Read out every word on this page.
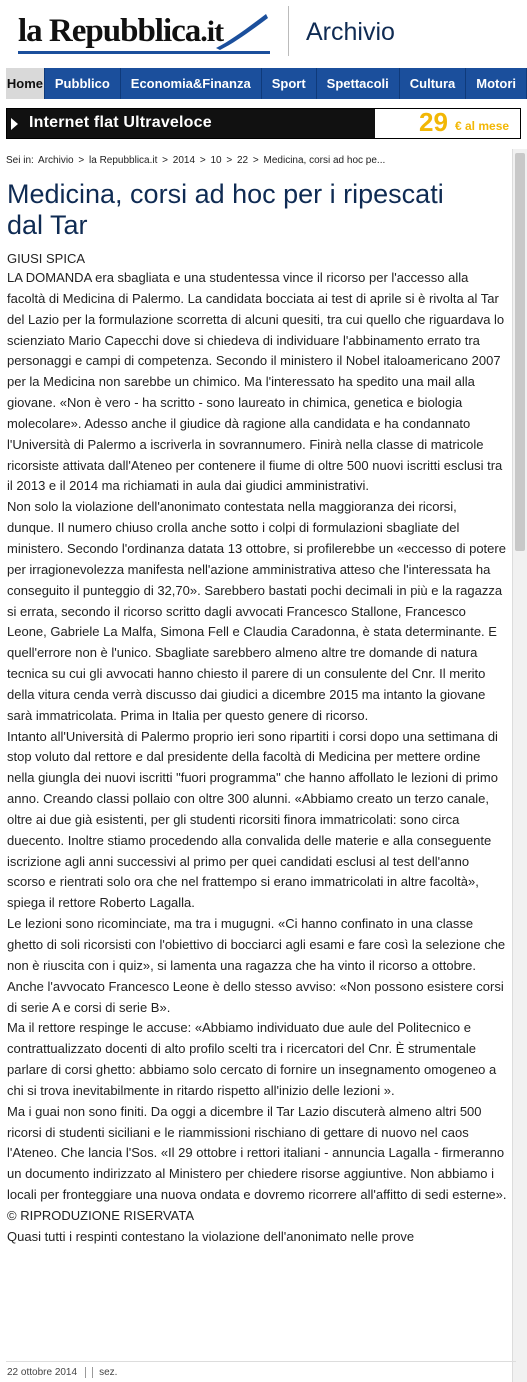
la Repubblica.it	Archivio
Home Pubblico	Economia&Finanza	Sport	Spettacoli	Cultura	Motori
Internet flat Ultraveloce	29 € al mese
Sei in: Archivio > la Repubblica.it > 2014 > 10 > 22 > Medicina, corsi ad hoc pe...
Medicina, corsi ad hoc per i ripescati dal Tar
GIUSI SPICA

LA DOMANDA era sbagliata e una studentessa vince il ricorso per l'accesso alla facoltà di Medicina di Palermo. La candidata bocciata ai test di aprile si è rivolta al Tar del Lazio per la formulazione scorretta di alcuni quesiti, tra cui quello che riguardava lo scienziato Mario Capecchi dove si chiedeva di individuare l'abbinamento errato tra personaggi e campi di competenza. Secondo il ministero il Nobel italoamericano 2007 per la Medicina non sarebbe un chimico. Ma l'interessato ha spedito una mail alla giovane. «Non è vero - ha scritto - sono laureato in chimica, genetica e biologia molecolare». Adesso anche il giudice dà ragione alla candidata e ha condannato l'Università di Palermo a iscriverla in sovrannumero. Finirà nella classe di matricole ricorsiste attivata dall'Ateneo per contenere il fiume di oltre 500 nuovi iscritti esclusi tra il 2013 e il 2014 ma richiamati in aula dai giudici amministrativi.

Non solo la violazione dell'anonimato contestata nella maggioranza dei ricorsi, dunque. Il numero chiuso crolla anche sotto i colpi di formulazioni sbagliate del ministero. Secondo l'ordinanza datata 13 ottobre, si profilerebbe un «eccesso di potere per irragionevolezza manifesta nell'azione amministrativa atteso che l'interessata ha conseguito il punteggio di 32,70». Sarebbero bastati pochi decimali in più e la ragazza si errata, secondo il ricorso scritto dagli avvocati Francesco Stallone, Francesco Leone, Gabriele La Malfa, Simona Fell e Claudia Caradonna, è stata determinante. E quell'errore non è l'unico. Sbagliate sarebbero almeno altre tre domande di natura tecnica su cui gli avvocati hanno chiesto il parere di un consulente del Cnr. Il merito della vitura cenda verrà discusso dai giudici a dicembre 2015 ma intanto la giovane sarà immatricolata. Prima in Italia per questo genere di ricorso.

Intanto all'Università di Palermo proprio ieri sono ripartiti i corsi dopo una settimana di stop voluto dal rettore e dal presidente della facoltà di Medicina per mettere ordine nella giungla dei nuovi iscritti "fuori programma" che hanno affollato le lezioni di primo anno. Creando classi pollaio con oltre 300 alunni. «Abbiamo creato un terzo canale, oltre ai due già esistenti, per gli studenti ricorsiti finora immatricolati: sono circa duecento. Inoltre stiamo procedendo alla convalida delle materie e alla conseguente iscrizione agli anni successivi al primo per quei candidati esclusi al test dell'anno scorso e rientrati solo ora che nel frattempo si erano immatricolati in altre facoltà», spiega il rettore Roberto Lagalla.

Le lezioni sono ricominciate, ma tra i mugugni. «Ci hanno confinato in una classe ghetto di soli ricorsisti con l'obiettivo di bocciarci agli esami e fare così la selezione che non è riuscita con i quiz», si lamenta una ragazza che ha vinto il ricorso a ottobre. Anche l'avvocato Francesco Leone è dello stesso avviso: «Non possono esistere corsi di serie A e corsi di serie B».

Ma il rettore respinge le accuse: «Abbiamo individuato due aule del Politecnico e contrattualizzato docenti di alto profilo scelti tra i ricercatori del Cnr. È strumentale parlare di corsi ghetto: abbiamo solo cercato di fornire un insegnamento omogeneo a chi si trova inevitabilmente in ritardo rispetto all'inizio delle lezioni ».

Ma i guai non sono finiti. Da oggi a dicembre il Tar Lazio discuterà almeno altri 500 ricorsi di studenti siciliani e le riammissioni rischiano di gettare di nuovo nel caos l'Ateneo. Che lancia l'Sos. «Il 29 ottobre i rettori italiani - annuncia Lagalla - firmeranno un documento indirizzato al Ministero per chiedere risorse aggiuntive. Non abbiamo i locali per fronteggiare una nuova ondata e dovremo ricorrere all'affitto di sedi esterne».

© RIPRODUZIONE RISERVATA

Quasi tutti i respinti contestano la violazione dell'anonimato nelle prove

22 ottobre 2014 sez.
